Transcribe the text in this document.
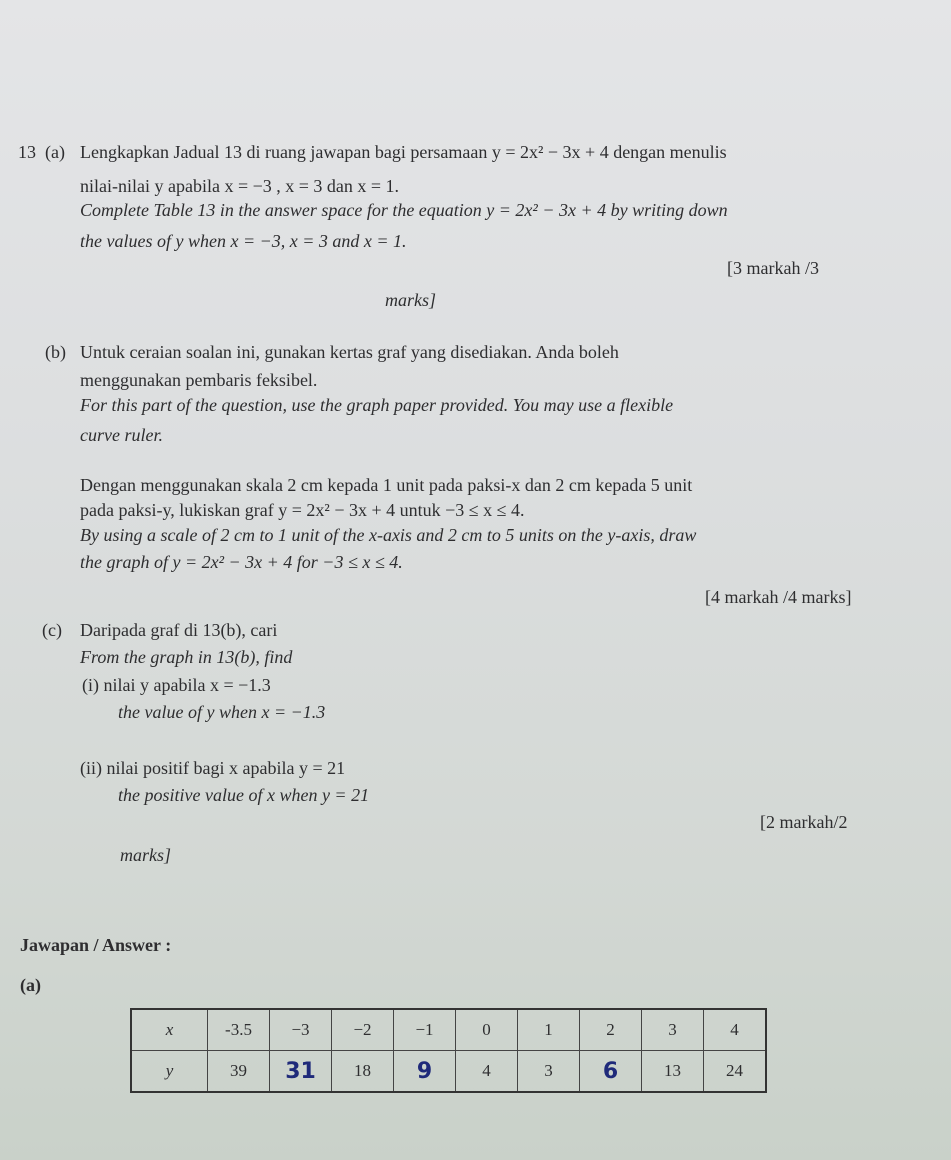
13 (a) Lengkapkan Jadual 13 di ruang jawapan bagi persamaan y = 2x² − 3x + 4 dengan menulis
nilai-nilai y apabila x = −3 , x = 3 dan x = 1.
Complete Table 13 in the answer space for the equation y = 2x² − 3x + 4 by writing down
the values of y when x = −3, x = 3 and x = 1.
[3 markah /3
marks]
(b) Untuk ceraian soalan ini, gunakan kertas graf yang disediakan. Anda boleh
menggunakan pembaris feksibel.
For this part of the question, use the graph paper provided. You may use a flexible
curve ruler.
Dengan menggunakan skala 2 cm kepada 1 unit pada paksi-x dan 2 cm kepada 5 unit
pada paksi-y, lukiskan graf y = 2x² − 3x + 4 untuk −3 ≤ x ≤ 4.
By using a scale of 2 cm to 1 unit of the x-axis and 2 cm to 5 units on the y-axis, draw
the graph of y = 2x² − 3x + 4 for −3 ≤ x ≤ 4.
[4 markah /4 marks]
(c) Daripada graf di 13(b), cari
From the graph in 13(b), find
(i) nilai y apabila x = −1.3
the value of y when x = −1.3
(ii) nilai positif bagi x apabila y = 21
the positive value of x when y = 21
[2 markah/2
marks]
Jawapan / Answer :
(a)
x	-3.5	−3	−2	−1	0	1	2	3	4
y	39	31	18	9	4	3	6	13	24
